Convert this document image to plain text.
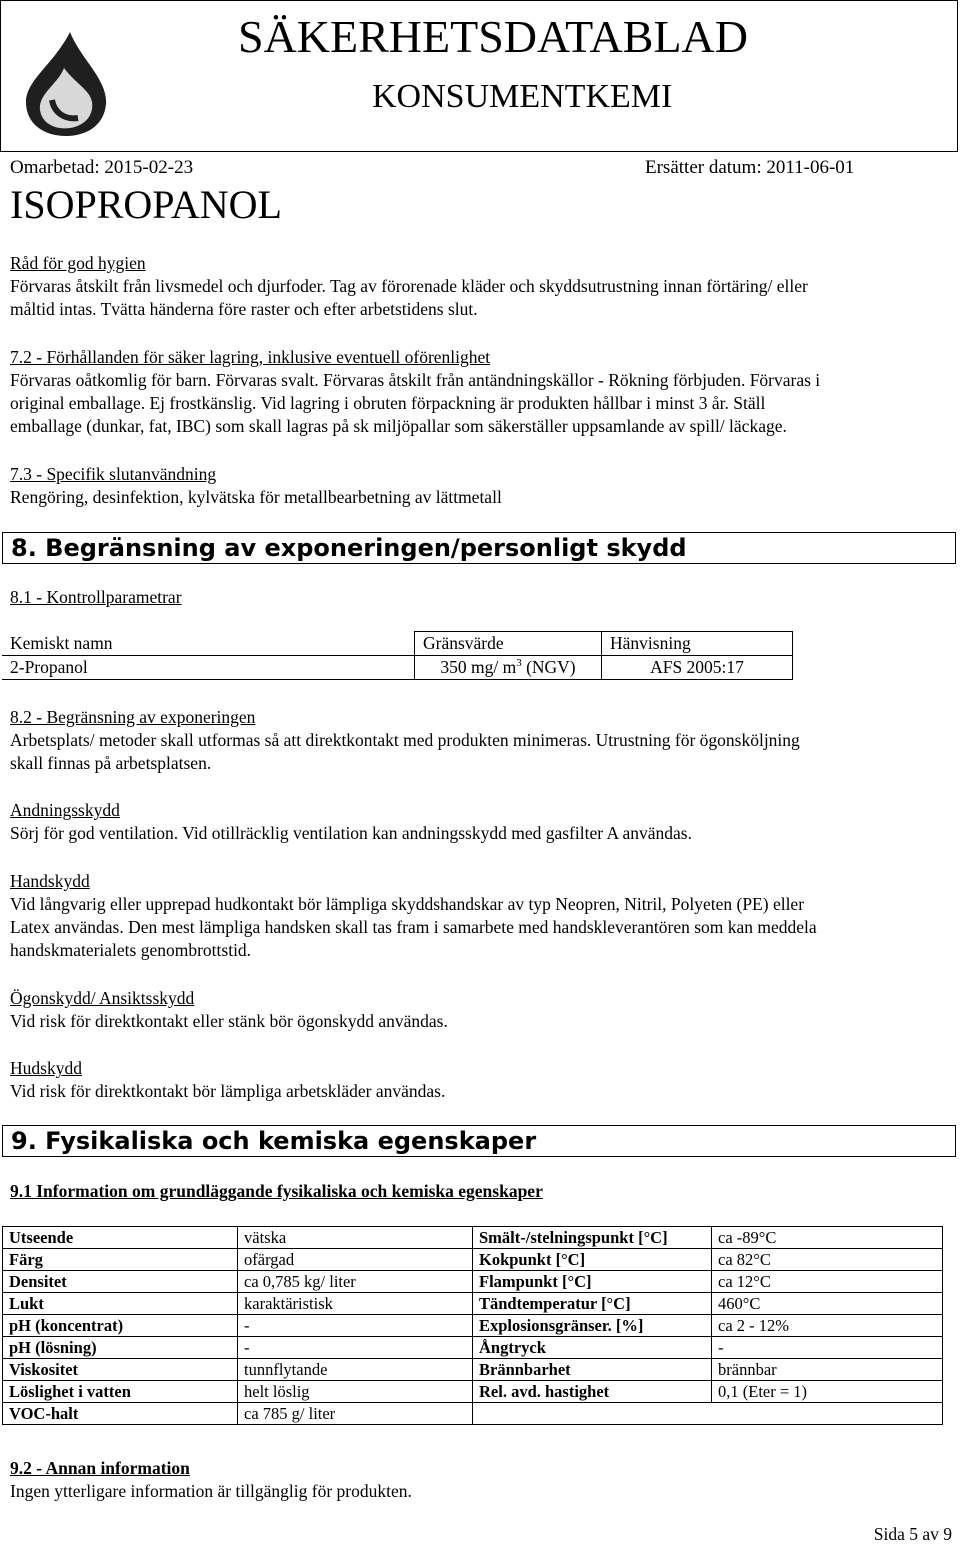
SÄKERHETSDATABLAD
KONSUMENTKEMI
Omarbetad: 2015-02-23	Ersätter datum: 2011-06-01
ISOPROPANOL
Råd för god hygien
Förvaras åtskilt från livsmedel och djurfoder. Tag av förorenade kläder och skyddsutrustning innan förtäring/ eller
måltid intas. Tvätta händerna före raster och efter arbetstidens slut.
7.2 - Förhållanden för säker lagring, inklusive eventuell oförenlighet
Förvaras oåtkomlig för barn. Förvaras svalt. Förvaras åtskilt från antändningskällor - Rökning förbjuden. Förvaras i
original emballage. Ej frostkänslig. Vid lagring i obruten förpackning är produkten hållbar i minst 3 år. Ställ
emballage (dunkar, fat, IBC) som skall lagras på sk miljöpallar som säkerställer uppsamlande av spill/ läckage.
7.3 - Specifik slutanvändning
Rengöring, desinfektion, kylvätska för metallbearbetning av lättmetall
8. Begränsning av exponeringen/personligt skydd
8.1 - Kontrollparametrar
Kemiskt namn	Gränsvärde	Hänvisning
2-Propanol	350 mg/ $m^3$ (NGV)	AFS 2005:17
8.2 - Begränsning av exponeringen
Arbetsplats/ metoder skall utformas så att direktkontakt med produkten minimeras. Utrustning för ögonsköljning
skall finnas på arbetsplatsen.
Andningsskydd
Sörj för god ventilation. Vid otillräcklig ventilation kan andningsskydd med gasfilter A användas.
Handskydd
Vid långvarig eller upprepad hudkontakt bör lämpliga skyddshandskar av typ Neopren, Nitril, Polyeten (PE) eller
Latex användas. Den mest lämpliga handsken skall tas fram i samarbete med handskleverantören som kan meddela
handskmaterialets genombrottstid.
Ögonskydd/ Ansiktsskydd
Vid risk för direktkontakt eller stänk bör ögonskydd användas.
Hudskydd
Vid risk för direktkontakt bör lämpliga arbetskläder användas.
9. Fysikaliska och kemiska egenskaper
9.1 Information om grundläggande fysikaliska och kemiska egenskaper
Utseende	vätska	Smält-/stelningspunkt [°C]	ca -89°C
Färg	ofärgad	Kokpunkt [°C]	ca 82°C
Densitet	ca 0,785 kg/ liter	Flampunkt [°C]	ca 12°C
Lukt	karaktäristisk	Tändtemperatur [°C]	460°C
pH (koncentrat)	-	Explosionsgränser. [%]	ca 2 - 12%
pH (lösning)	-	Ångtryck	-
Viskositet	tunnflytande	Brännbarhet	brännbar
Löslighet i vatten	helt löslig	Rel. avd. hastighet	0,1 (Eter = 1)
VOC-halt	ca 785 g/ liter		
9.2 - Annan information
Ingen ytterligare information är tillgänglig för produkten.
Sida 5 av 9
